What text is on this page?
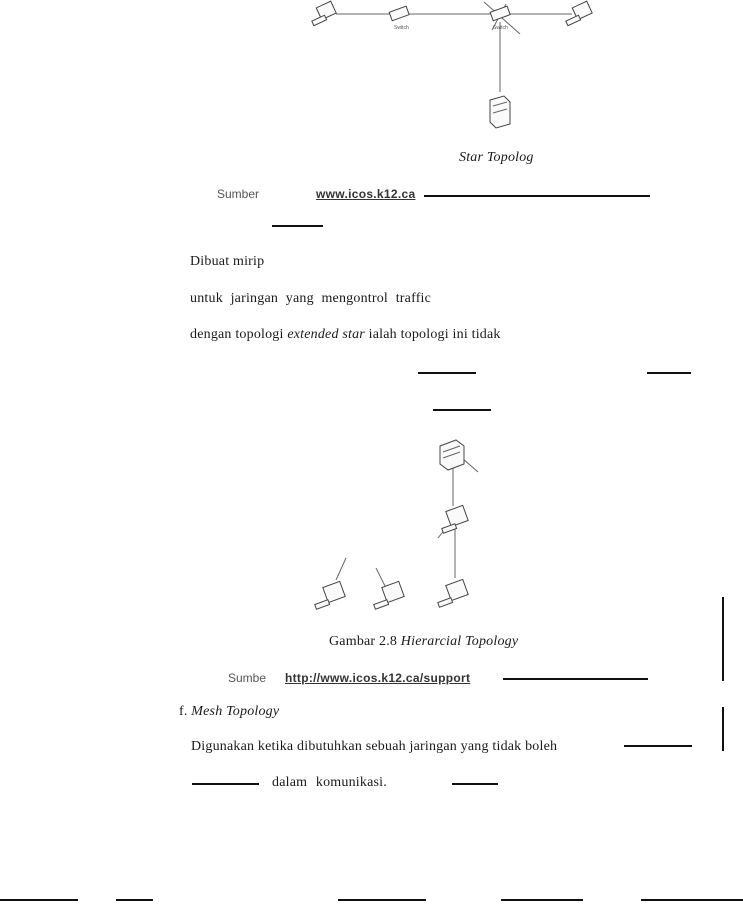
Switch	Switch
Star Topolog
Sumber	www.icos.k12.ca
Dibuat mirip
untuk jaringan yang mengontrol traffic
dengan topologi extended star ialah topologi ini tidak
Gambar 2.8 Hierarcial Topology
Sumbe http://www.icos.k12.ca/support
f. Mesh Topology
Digunakan ketika dibutuhkan sebuah jaringan yang tidak boleh
dalam komunikasi.
